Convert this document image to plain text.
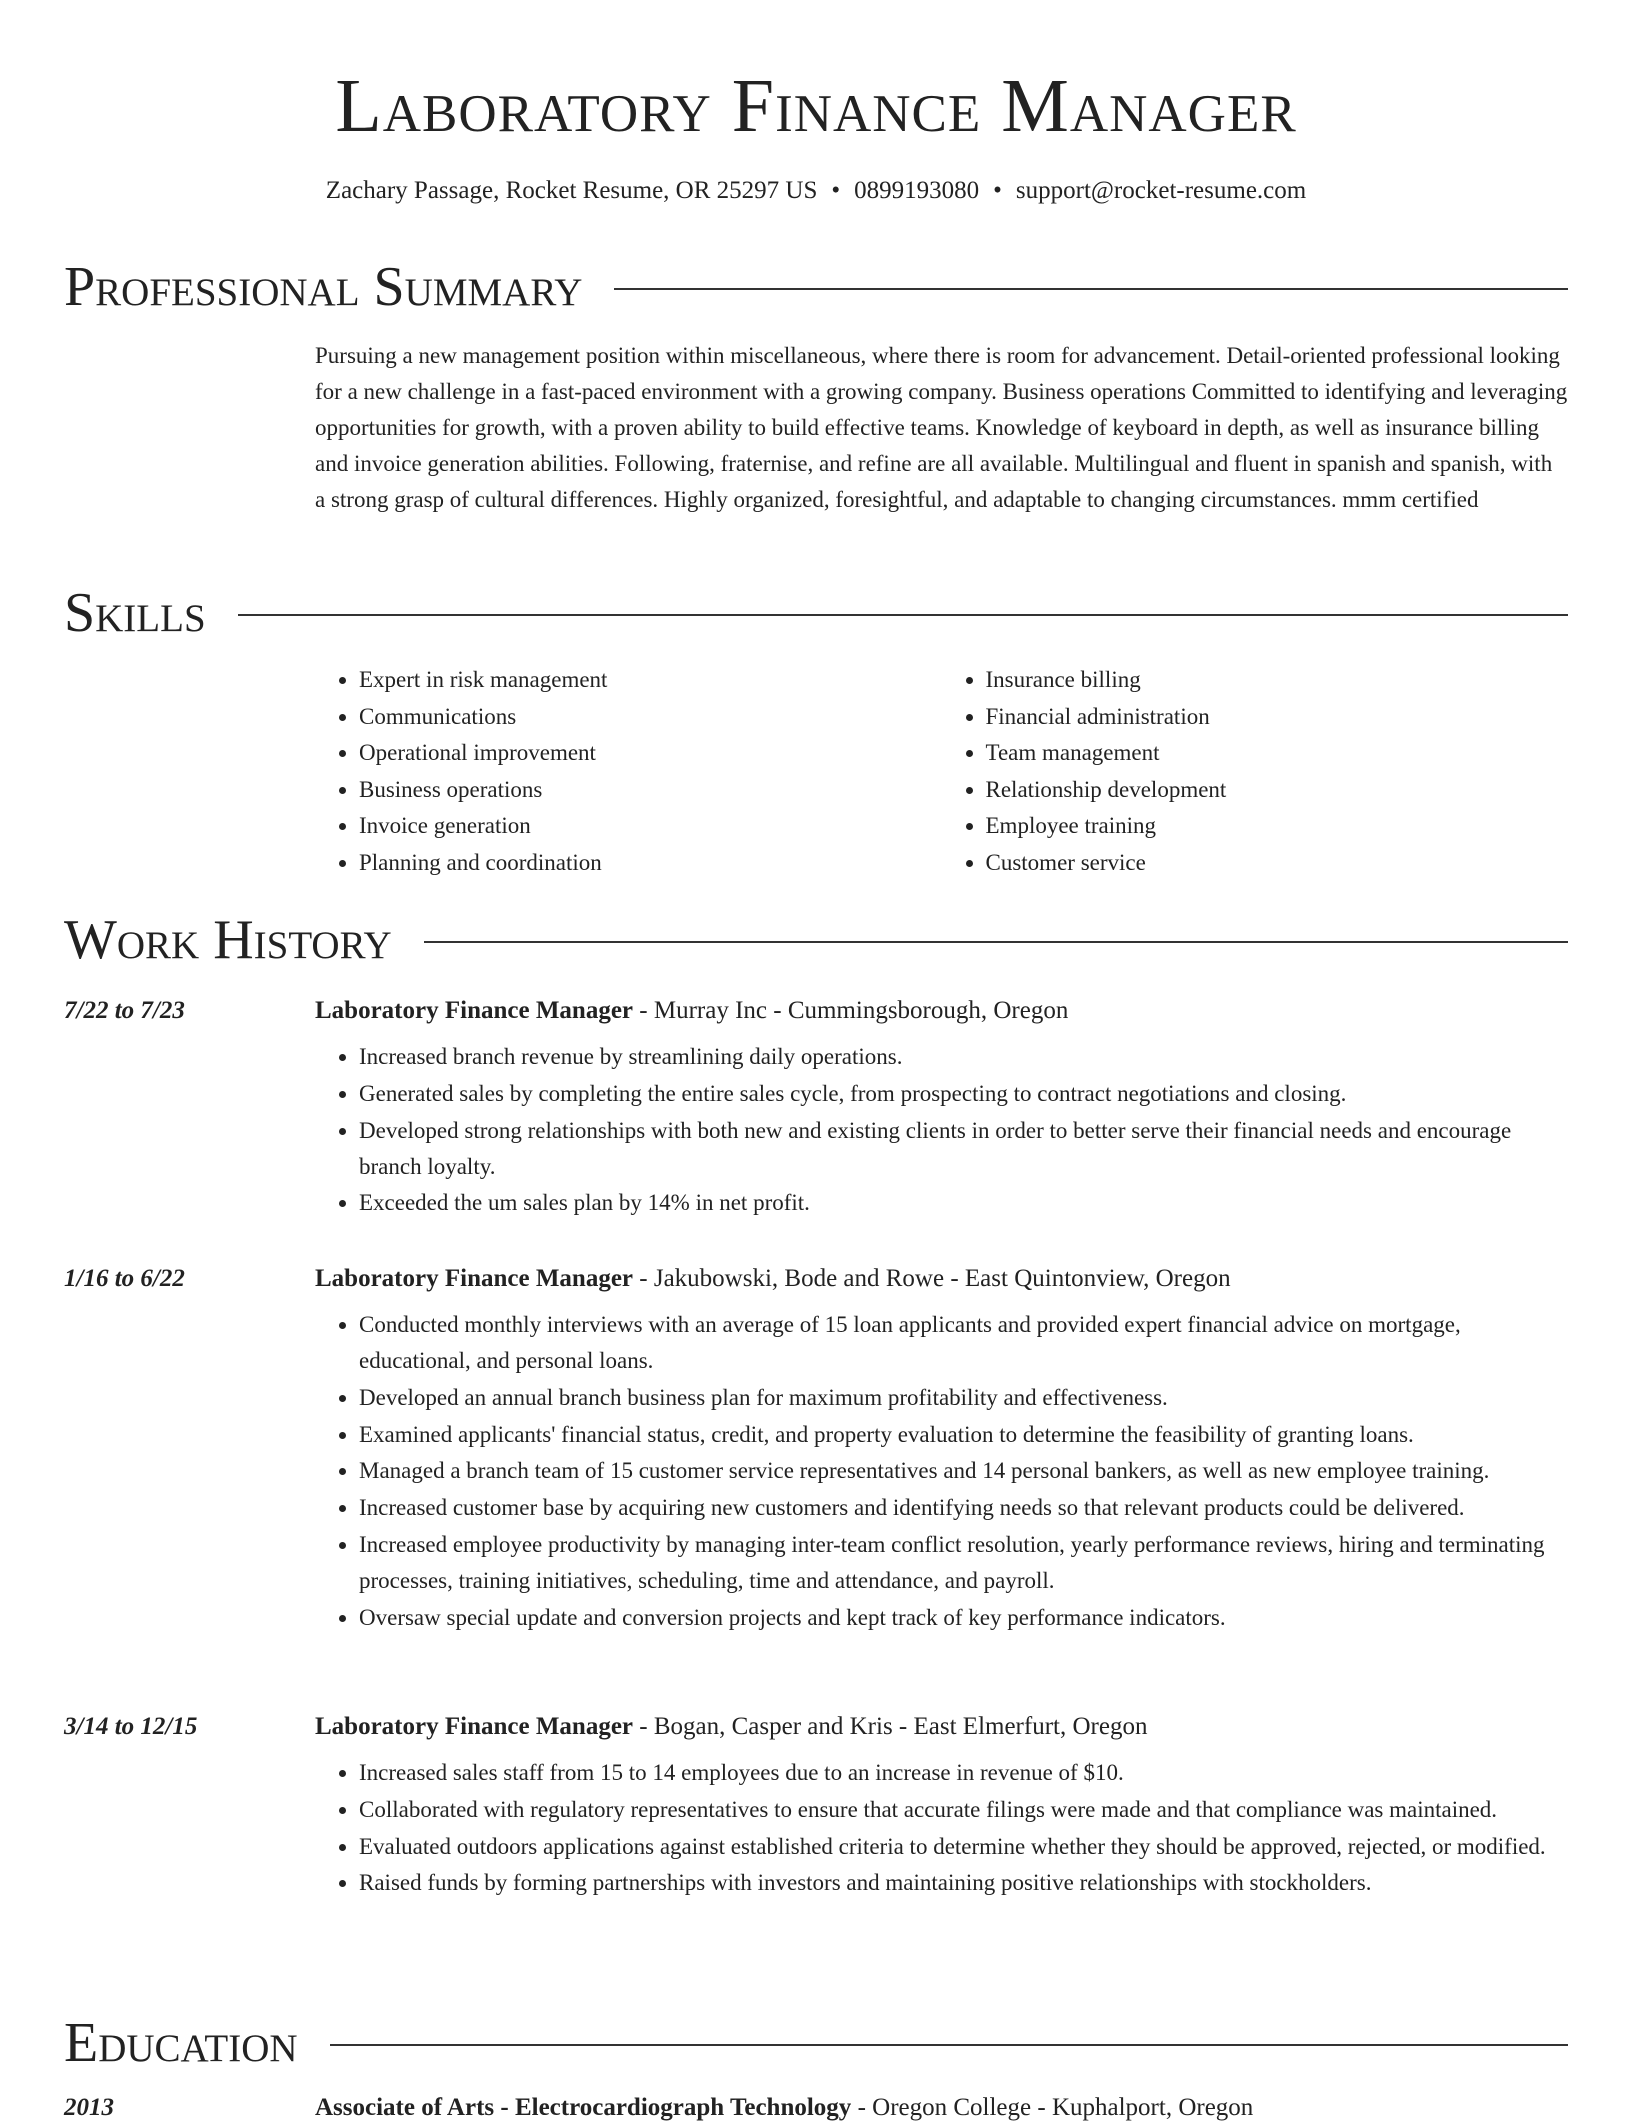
Laboratory Finance Manager
Zachary Passage, Rocket Resume, OR 25297 US • 0899193080 • support@rocket-resume.com
Professional Summary
Pursuing a new management position within miscellaneous, where there is room for advancement. Detail-oriented professional looking for a new challenge in a fast-paced environment with a growing company. Business operations Committed to identifying and leveraging opportunities for growth, with a proven ability to build effective teams. Knowledge of keyboard in depth, as well as insurance billing and invoice generation abilities. Following, fraternise, and refine are all available. Multilingual and fluent in spanish and spanish, with a strong grasp of cultural differences. Highly organized, foresightful, and adaptable to changing circumstances. mmm certified
Skills
• Expert in risk management
• Communications
• Operational improvement
• Business operations
• Invoice generation
• Planning and coordination
• Insurance billing
• Financial administration
• Team management
• Relationship development
• Employee training
• Customer service
Work History
7/22 to 7/23	Laboratory Finance Manager - Murray Inc - Cummingsborough, Oregon
• Increased branch revenue by streamlining daily operations.
• Generated sales by completing the entire sales cycle, from prospecting to contract negotiations and closing.
• Developed strong relationships with both new and existing clients in order to better serve their financial needs and encourage branch loyalty.
• Exceeded the um sales plan by 14% in net profit.
1/16 to 6/22	Laboratory Finance Manager - Jakubowski, Bode and Rowe - East Quintonview, Oregon
• Conducted monthly interviews with an average of 15 loan applicants and provided expert financial advice on mortgage, educational, and personal loans.
• Developed an annual branch business plan for maximum profitability and effectiveness.
• Examined applicants' financial status, credit, and property evaluation to determine the feasibility of granting loans.
• Managed a branch team of 15 customer service representatives and 14 personal bankers, as well as new employee training.
• Increased customer base by acquiring new customers and identifying needs so that relevant products could be delivered.
• Increased employee productivity by managing inter-team conflict resolution, yearly performance reviews, hiring and terminating processes, training initiatives, scheduling, time and attendance, and payroll.
• Oversaw special update and conversion projects and kept track of key performance indicators.
3/14 to 12/15	Laboratory Finance Manager - Bogan, Casper and Kris - East Elmerfurt, Oregon
• Increased sales staff from 15 to 14 employees due to an increase in revenue of $10.
• Collaborated with regulatory representatives to ensure that accurate filings were made and that compliance was maintained.
• Evaluated outdoors applications against established criteria to determine whether they should be approved, rejected, or modified.
• Raised funds by forming partnerships with investors and maintaining positive relationships with stockholders.
Education
2013	Associate of Arts - Electrocardiograph Technology - Oregon College - Kuphalport, Oregon
